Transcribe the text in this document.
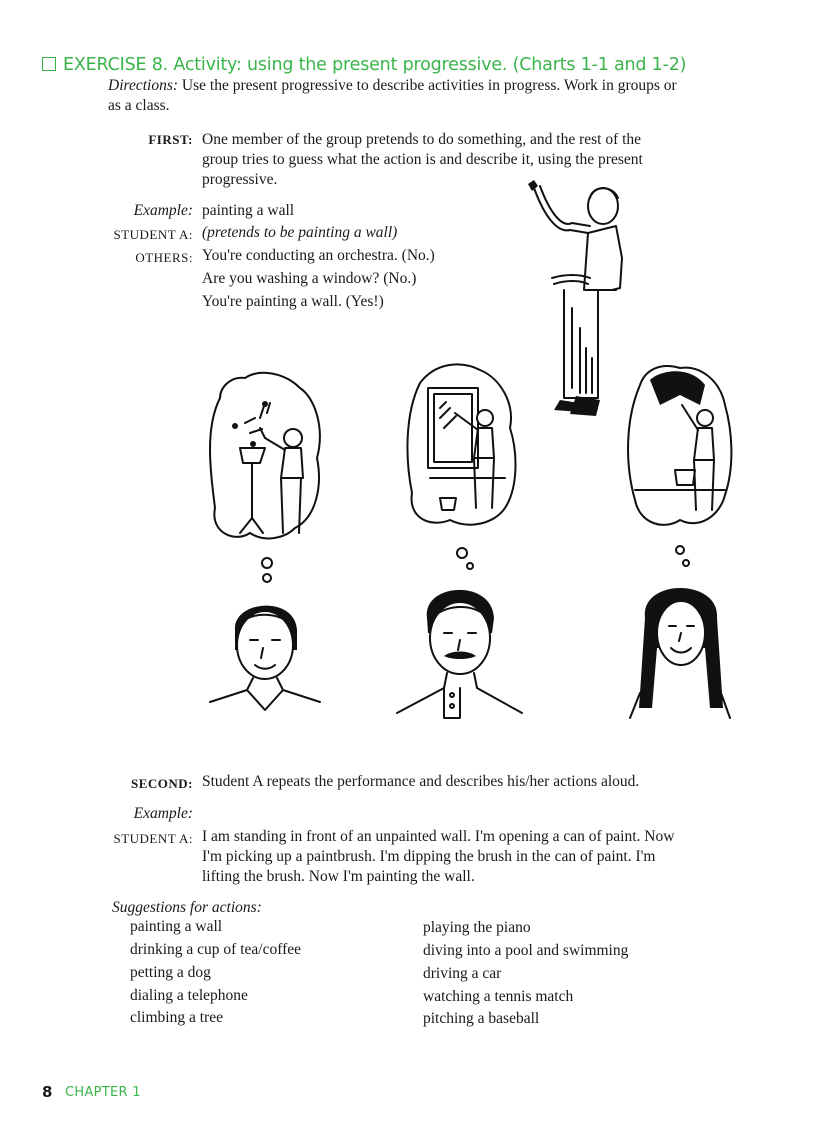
EXERCISE 8. Activity: using the present progressive. (Charts 1-1 and 1-2)
Directions: Use the present progressive to describe activities in progress. Work in groups or
as a class.
FIRST: One member of the group pretends to do something, and the rest of the
group tries to guess what the action is and describe it, using the present
progressive.
Example: painting a wall
STUDENT A: (pretends to be painting a wall)
OTHERS: You're conducting an orchestra. (No.)
Are you washing a window? (No.)
You're painting a wall. (Yes!)
SECOND: Student A repeats the performance and describes his/her actions aloud.
Example:
STUDENT A: I am standing in front of an unpainted wall. I'm opening a can of paint. Now
I'm picking up a paintbrush. I'm dipping the brush in the can of paint. I'm
lifting the brush. Now I'm painting the wall.
Suggestions for actions:
painting a wall
drinking a cup of tea/coffee
petting a dog
dialing a telephone
climbing a tree
playing the piano
diving into a pool and swimming
driving a car
watching a tennis match
pitching a baseball
8 CHAPTER 1
